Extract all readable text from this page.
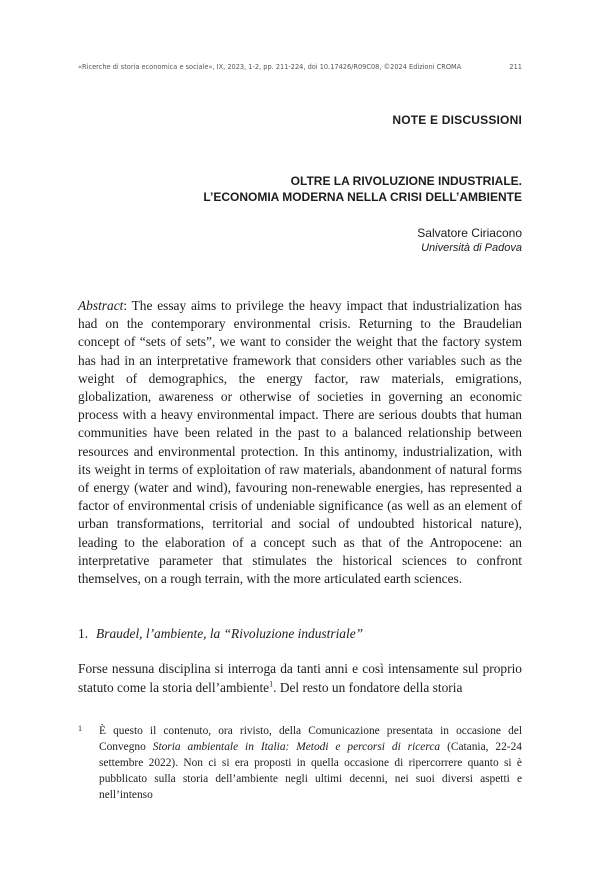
«Ricerche di storia economica e sociale», IX, 2023, 1-2, pp. 211-224, doi 10.17426/R09C08, ©2024 Edizioni CROMA	211
NOTE E DISCUSSIONI
OLTRE LA RIVOLUZIONE INDUSTRIALE.
L’ECONOMIA MODERNA NELLA CRISI DELL’AMBIENTE
Salvatore Ciriacono
Università di Padova
Abstract: The essay aims to privilege the heavy impact that industrialization has had on the contemporary environmental crisis. Returning to the Braudelian concept of “sets of sets”, we want to consider the weight that the factory system has had in an interpretative framework that considers other variables such as the weight of demographics, the energy factor, raw materials, emigrations, globalization, awareness or otherwise of societies in governing an economic process with a heavy environmental impact. There are serious doubts that human communities have been related in the past to a balanced relationship between resources and environmental protection. In this antinomy, industrialization, with its weight in terms of exploitation of raw materials, abandonment of natural forms of energy (water and wind), favouring non-renewable energies, has represented a factor of environmental crisis of undeniable significance (as well as an element of urban transformations, territorial and social of undoubted historical nature), leading to the elaboration of a concept such as that of the Antropocene: an interpretative parameter that stimulates the historical sciences to confront themselves, on a rough terrain, with the more articulated earth sciences.
1. Braudel, l’ambiente, la “Rivoluzione industriale”
Forse nessuna disciplina si interroga da tanti anni e così intensamente sul proprio statuto come la storia dell’ambiente$^1$. Del resto un fondatore della storia
1 È questo il contenuto, ora rivisto, della Comunicazione presentata in occasione del Convegno Storia ambientale in Italia: Metodi e percorsi di ricerca (Catania, 22-24 settembre 2022). Non ci si era proposti in quella occasione di ripercorrere quanto si è pubblicato sulla storia dell’ambiente negli ultimi decenni, nei suoi diversi aspetti e nell’intenso
